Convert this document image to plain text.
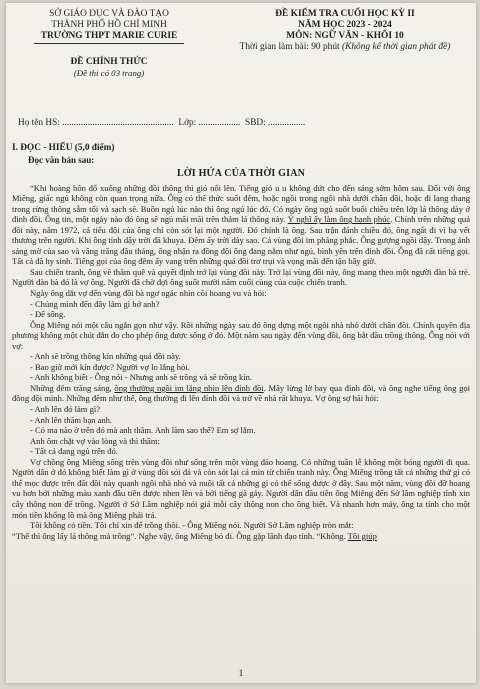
SỞ GIÁO DỤC VÀ ĐÀO TẠO
THÀNH PHỐ HỒ CHÍ MINH
TRƯỜNG THPT MARIE CURIE
ĐỀ CHÍNH THỨC
(Đề thi có 03 trang)
ĐỀ KIỂM TRA CUỐI HỌC KỲ II
NĂM HỌC 2023 - 2024
MÔN: NGỮ VĂN - KHỐI 10
Thời gian làm bài: 90 phút (Không kể thời gian phát đề)
Họ tên HS: ................................................ Lớp: .................. SBD: ................

I. ĐỌC - HIỂU (5,0 điểm)

Đọc văn bản sau:

LỜI HỨA CỦA THỜI GIAN

“Khi hoàng hôn đổ xuống những đồi thông thì gió nổi lên. Tiếng gió u u không dứt cho đến sáng sớm hôm sau. Đối với ông Miêng, giấc ngủ không còn quan trọng nữa. Ông có thể thức suốt đêm, hoặc ngồi trong ngôi nhà dưới chân đồi, hoặc đi lang thang trong rừng thông sẫm tối và sạch sẽ. Buồn ngủ lúc nào thì ông ngủ lúc đó. Có ngày ông ngủ suốt buổi chiều trên lớp lá thông dày ở đỉnh đồi. Ông tin, một ngày nào đó ông sẽ ngủ mãi mãi trên thảm lá thông này. Ý nghĩ ấy làm ông hạnh phúc. Chính trên những quả đồi này, năm 1972, cả tiểu đội của ông chỉ còn sót lại một người. Đó chính là ông. Sau trận đánh chiều đó, ông ngất đi vì bạ vết thương trên người. Khi ông tỉnh dậy trời đã khuya. Đêm ấy trời dày sao. Cả vùng đồi im phăng phắc. Ông gượng ngồi dậy. Trong ánh sáng mờ của sao và vầng trăng đầu tháng, ông nhận ra đồng đội ông đang nằm như ngủ, bình yên trên đỉnh đồi. Ông đã cất tiếng gọi. Tất cả đã hy sinh. Tiếng gọi của ông đêm ấy vang trên những quả đồi trơ trụi và vọng mãi đến tận bây giờ.

Sau chiến tranh, ông về thăm quê và quyết định trở lại vùng đồi này. Trở lại vùng đồi này, ông mang theo một người đàn bà trẻ. Người đàn bà đó là vợ ông. Người đã chờ đợi ông suốt mười năm cuối cùng của cuộc chiến tranh.

Ngày ông dắt vợ đến vùng đồi bà ngơ ngác nhìn cõi hoang vu và hỏi:

- Chúng mình đến đây làm gì hở anh?

- Để sống.

Ông Miêng nói một câu ngắn gọn như vậy. Rồi những ngày sau đó ông dựng một ngôi nhà nhỏ dưới chân đồi. Chính quyền địa phương không một chút đắn đo cho phép ông được sống ở đó. Một năm sau ngày đến vùng đồi, ông bắt đầu trồng thông. Ông nói với vợ:

- Anh sẽ trồng thông kín những quả đồi này.

- Bao giờ mới kín được? Người vợ lo lắng hỏi.

- Anh không biết - Ông nói - Nhưng anh sẽ trồng và sẽ trồng kín.

Những đêm trăng sáng, ông thường ngồi im lặng nhìn lên đỉnh đồi. Mây lừng lờ bay qua đỉnh đồi, và ông nghe tiếng ông gọi đồng đội mình. Những đêm như thế, ông thường đi lên đỉnh đồi và trở về nhà rất khuya. Vợ ông sợ hãi hỏi:

- Anh lên đó làm gì?

- Anh lên thăm bạn anh.

- Có ma nào ở trên đó mà anh thăm. Anh làm sao thế? Em sợ lắm.

Anh ôm chặt vợ vào lòng và thì thầm:

- Tất cả đang ngủ trên đó.

Vợ chồng ông Miêng sống trên vùng đồi như sống trên một vùng đảo hoang. Có những tuần lễ không một bóng người đi qua. Người dân ở đó không biết làm gì ở vùng đồi sỏi đá và còn sót lại cả mìn từ chiến tranh này. Ông Miêng trồng tất cả những thứ gì có thể mọc được trên đất đồi này quanh ngôi nhà nhỏ và nuôi tất cả những gì có thể sống được ở đây. Sau một năm, vùng đồi đỡ hoang vu hơn bởi những màu xanh đầu tiên được nhen lên và bởi tiếng gà gáy. Người dân đầu tiên ông Miêng đến Sở lâm nghiệp tỉnh xin cây thông non để trồng. Người ở Sở Lâm nghiệp nói giá mỗi cây thông non cho ông biết. Và nhanh hơn máy, ông ta tính cho một món tiền khổng lồ mà ông Miêng phải trả.

Tôi không có tiền. Tôi chỉ xin để trồng thôi. - Ông Miêng nói. Người Sở Lâm nghiệp tròn mắt:

“Thế thì ông lấy lá thông mà trồng”. Nghe vậy, ông Miêng bỏ đi. Ông gặp lãnh đạo tỉnh. “Không. Tôi giúp

1
